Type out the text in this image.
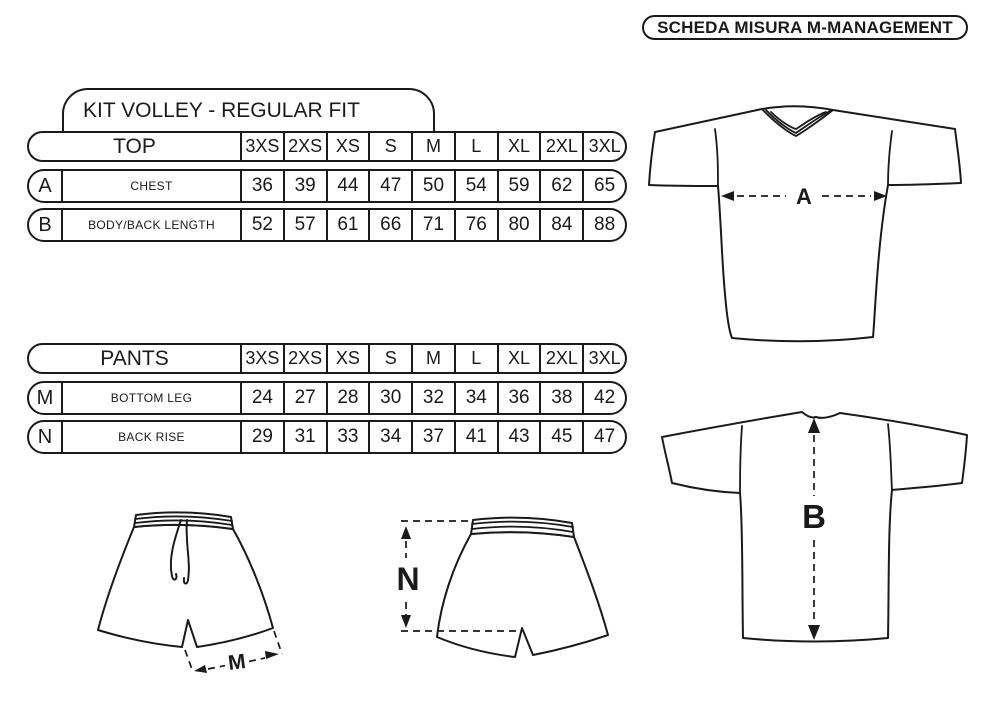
SCHEDA MISURA M-MANAGEMENT
KIT VOLLEY - REGULAR FIT
TOP	3XS 2XS XS	S	M	L	XL 2XL 3XL
A	CHEST	36	39	44	47	50	54	59	62	65
B	BODY/BACK LENGTH	52	57	61	66	71	76	80	84	88
PANTS	3XS 2XS XS	S	M	L	XL 2XL 3XL
M	BOTTOM LEG	24	27	28	30	32	34	36	38	42
N	BACK RISE	29	31	33	34	37	41	43	45	47
A
B
M
N
